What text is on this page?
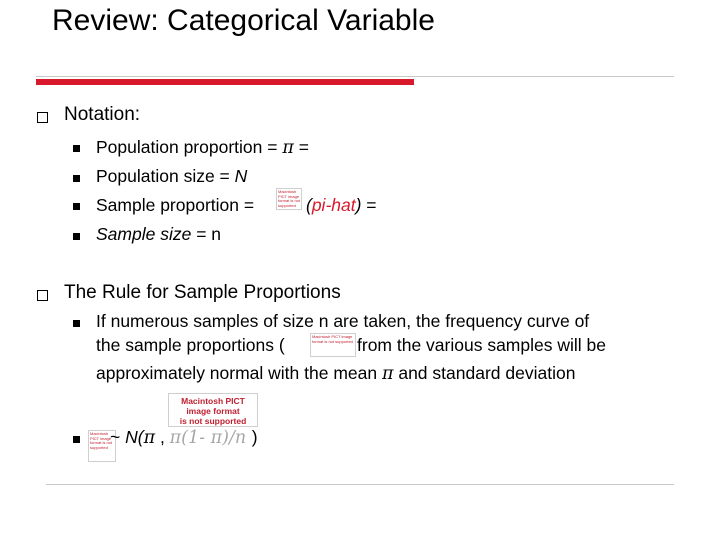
Review: Categorical Variable
Notation:
Population proportion = π =
Population size = N
Sample proportion =
Macintosh PICT image format is not supported (pi-hat) =
Sample size = n
The Rule for Sample Proportions
If numerous samples of size n are taken, the frequency curve of
the sample proportions (	Macintosh PICT image format is not supported from the various samples will be
approximately normal with the mean π and standard deviation
Macintosh PICT
image format
is not supported
Macintosh PICT image format is not supported ~ N(π , π(1- π)/n )
